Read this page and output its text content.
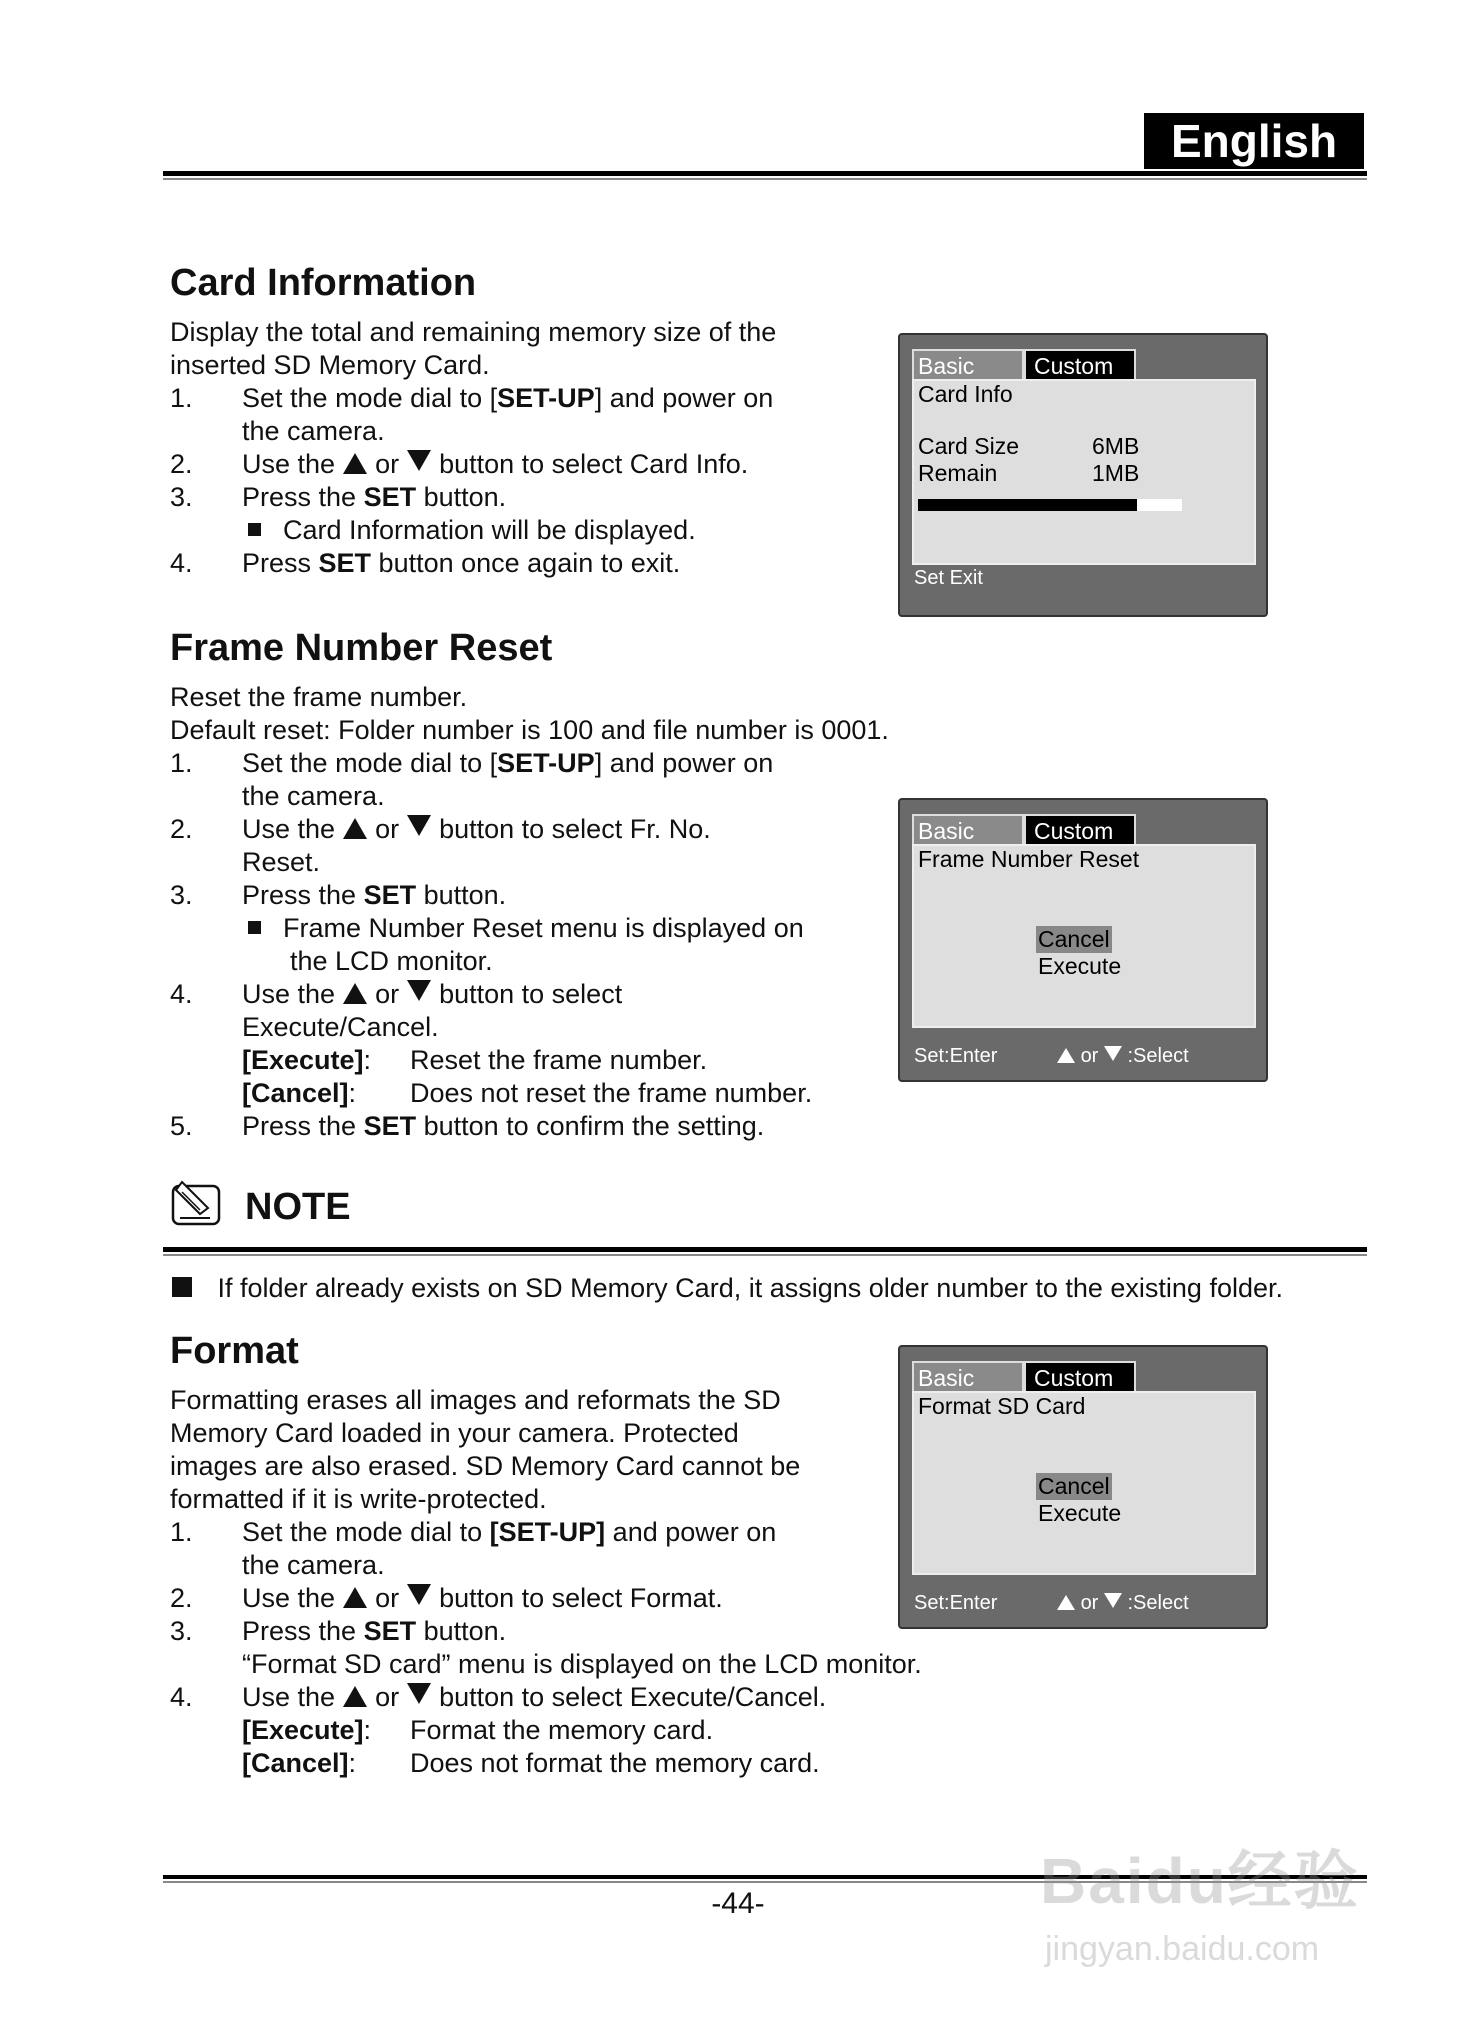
English
Card Information
Display the total and remaining memory size of the
inserted SD Memory Card.
1. Set the mode dial to [SET-UP] and power on
the camera.
2. Use the or button to select Card Info.
3. Press the SET button.
Card Information will be displayed.
4. Press SET button once again to exit.
Basic	Custom
Card Info
Card Size	6MB
Remain	1MB
Set Exit
Frame Number Reset
Reset the frame number.
Default reset: Folder number is 100 and file number is 0001.
1. Set the mode dial to [SET-UP] and power on
the camera.
2. Use the or button to select Fr. No.
Reset.
3. Press the SET button.
Frame Number Reset menu is displayed on
the LCD monitor.
4. Use the or button to select
Execute/Cancel.
[Execute]: Reset the frame number.
[Cancel]: Does not reset the frame number.
5. Press the SET button to confirm the setting.
Basic	Custom
Frame Number Reset
Cancel
Execute
Set:Enter	or :Select
NOTE
If folder already exists on SD Memory Card, it assigns older number to the existing folder.
Format
Formatting erases all images and reformats the SD
Memory Card loaded in your camera. Protected
images are also erased. SD Memory Card cannot be
formatted if it is write-protected.
1. Set the mode dial to [SET-UP] and power on
the camera.
2. Use the or button to select Format.
3. Press the SET button.
“Format SD card” menu is displayed on the LCD monitor.
4. Use the or button to select Execute/Cancel.
[Execute]: Format the memory card.
[Cancel]: Does not format the memory card.
Basic	Custom
Format SD Card
Cancel
Execute
Set:Enter	or :Select
-44-	Baidu经验
jingyan.baidu.com
